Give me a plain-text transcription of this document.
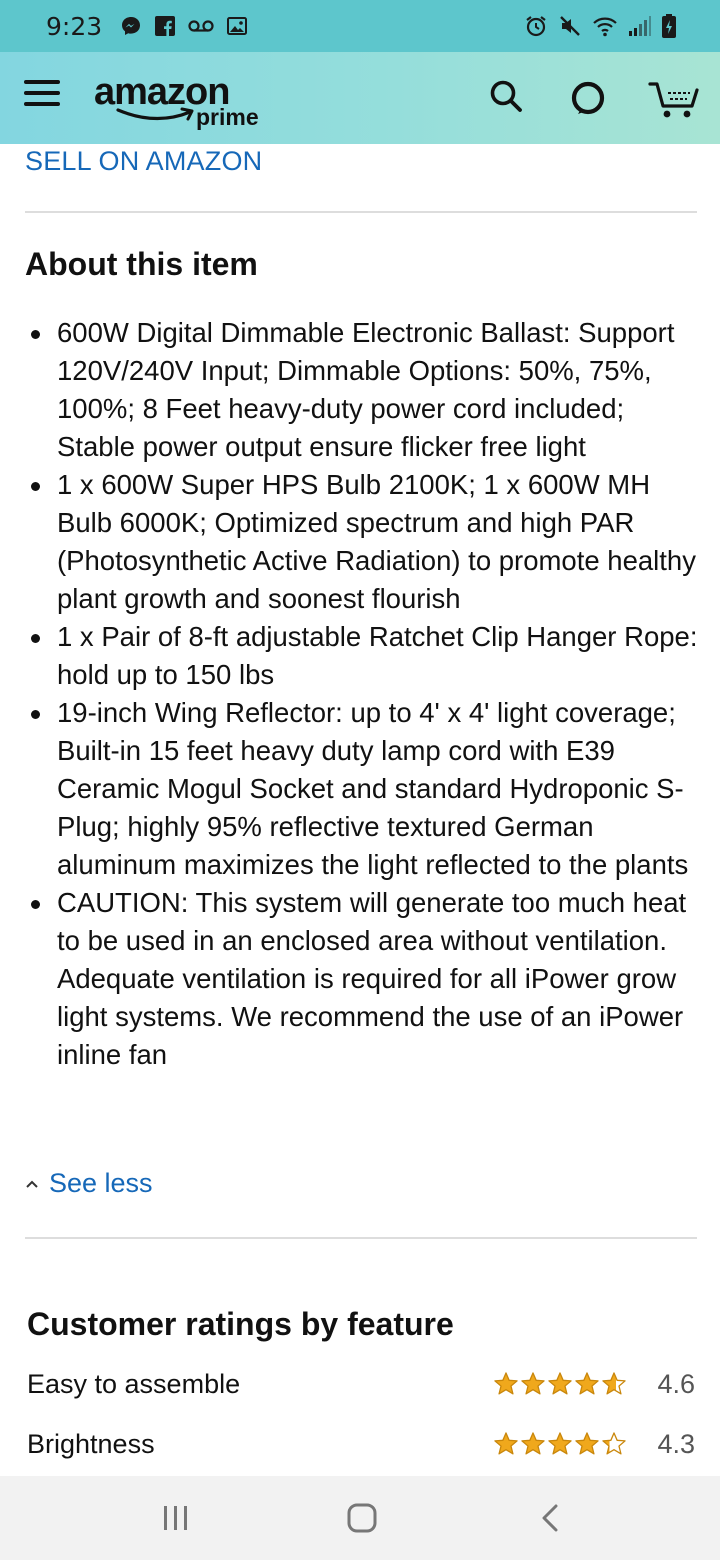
9:23
amazon
prime
SELL ON AMAZON
About this item
600W Digital Dimmable Electronic Ballast: Support 120V/240V Input; Dimmable Options: 50%, 75%, 100%; 8 Feet heavy-duty power cord included; Stable power output ensure flicker free light
1 x 600W Super HPS Bulb 2100K; 1 x 600W MH Bulb 6000K; Optimized spectrum and high PAR (Photosynthetic Active Radiation) to promote healthy plant growth and soonest flourish
1 x Pair of 8-ft adjustable Ratchet Clip Hanger Rope: hold up to 150 lbs
19-inch Wing Reflector: up to 4' x 4' light coverage; Built-in 15 feet heavy duty lamp cord with E39 Ceramic Mogul Socket and standard Hydroponic S-Plug; highly 95% reflective textured German aluminum maximizes the light reflected to the plants
CAUTION: This system will generate too much heat to be used in an enclosed area without ventilation. Adequate ventilation is required for all iPower grow light systems. We recommend the use of an iPower inline fan
See less
Customer ratings by feature
Easy to assemble	4.6
Brightness	4.3
